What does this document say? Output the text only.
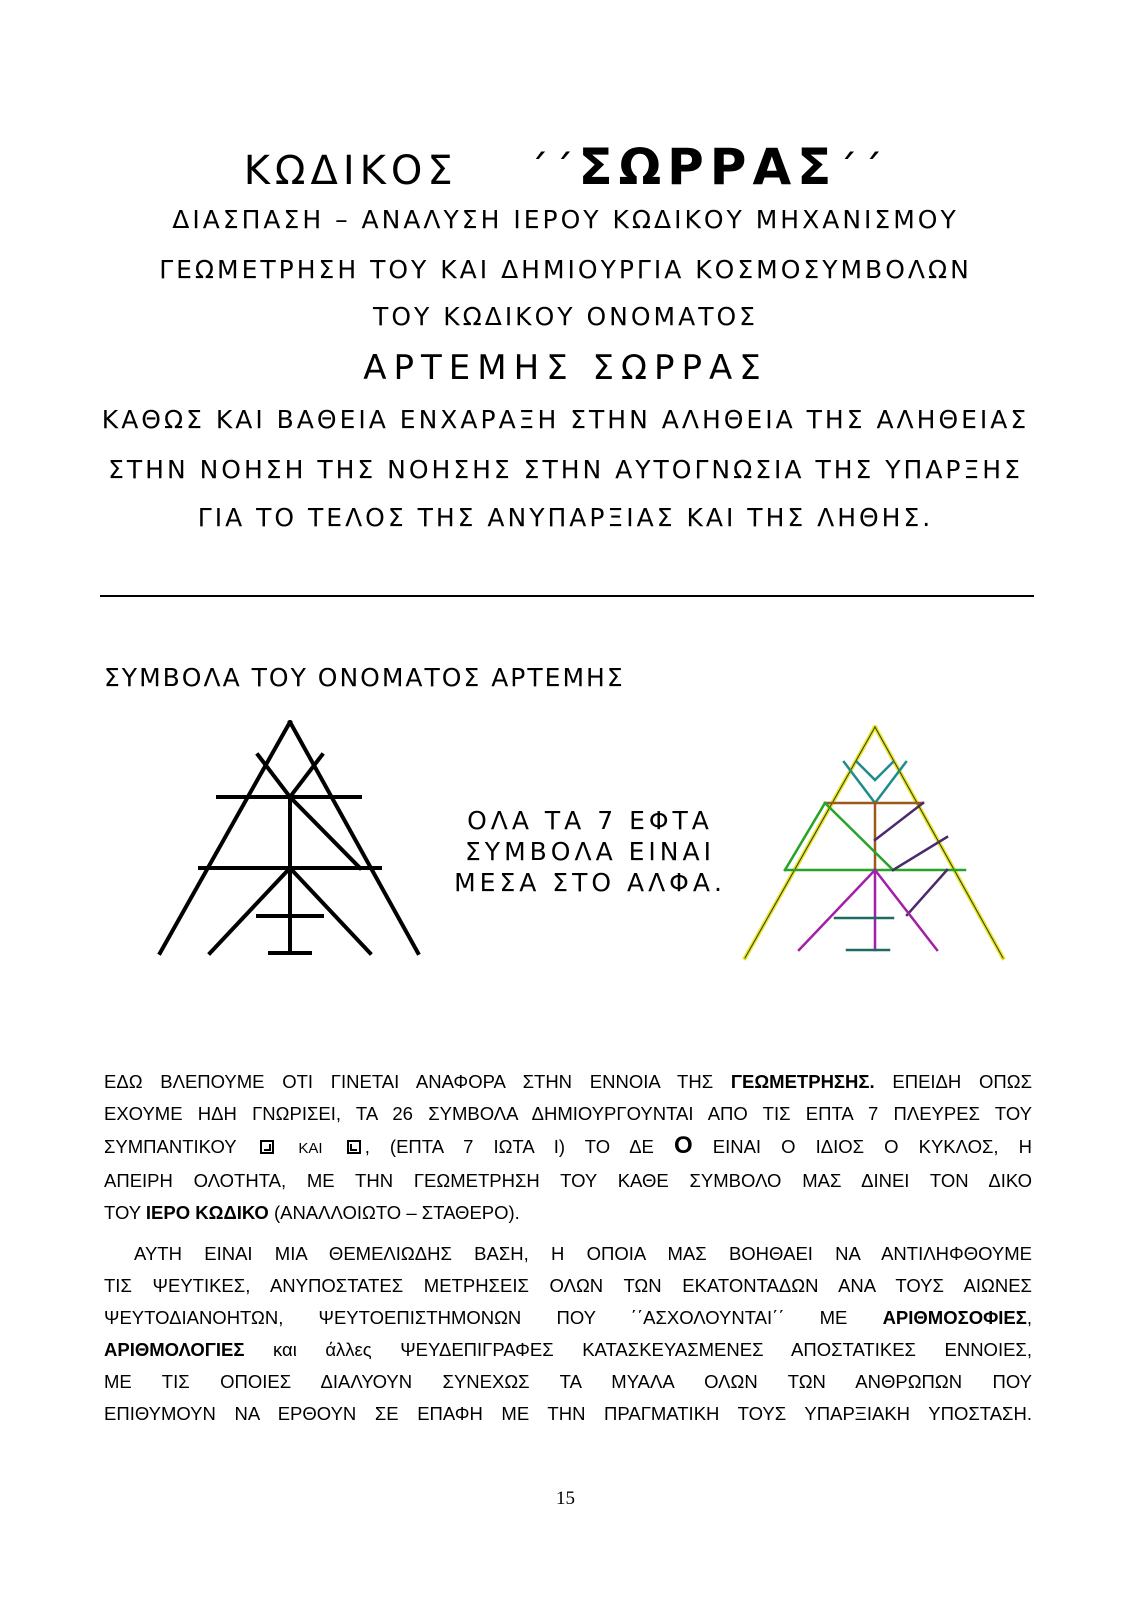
ΚΩΔΙΚΟΣ ΄΄ΣΩΡΡΑΣ΄΄
ΔΙΑΣΠΑΣΗ – ΑΝΑΛΥΣΗ ΙΕΡΟΥ ΚΩΔΙΚΟΥ ΜΗΧΑΝΙΣΜΟΥ
ΓΕΩΜΕΤΡΗΣΗ ΤΟΥ ΚΑΙ ΔΗΜΙΟΥΡΓΙΑ ΚΟΣΜΟΣΥΜΒΟΛΩΝ
ΤΟΥ ΚΩΔΙΚΟΥ ΟΝΟΜΑΤΟΣ
ΑΡΤΕΜΗΣ ΣΩΡΡΑΣ
ΚΑΘΩΣ ΚΑΙ ΒΑΘΕΙΑ ΕΝΧΑΡΑΞΗ ΣΤΗΝ ΑΛΗΘΕΙΑ ΤΗΣ ΑΛΗΘΕΙΑΣ
ΣΤΗΝ ΝΟΗΣΗ ΤΗΣ ΝΟΗΣΗΣ ΣΤΗΝ ΑΥΤΟΓΝΩΣΙΑ ΤΗΣ ΥΠΑΡΞΗΣ
ΓΙΑ ΤΟ ΤΕΛΟΣ ΤΗΣ ΑΝΥΠΑΡΞΙΑΣ ΚΑΙ ΤΗΣ ΛΗΘΗΣ.
ΣΥΜΒΟΛΑ ΤΟΥ ΟΝΟΜΑΤΟΣ ΑΡΤΕΜΗΣ
ΟΛΑ ΤΑ 7 ΕΦΤΑ
ΣΥΜΒΟΛΑ ΕΙΝΑΙ
ΜΕΣΑ ΣΤΟ ΑΛΦΑ.
ΕΔΩ ΒΛΕΠΟΥΜΕ ΟΤΙ ΓΙΝΕΤΑΙ ΑΝΑΦΟΡΑ ΣΤΗΝ ΕΝΝΟΙΑ ΤΗΣ ΓΕΩΜΕΤΡΗΣΗΣ. ΕΠΕΙΔΗ ΟΠΩΣ
ΕΧΟΥΜΕ ΗΔΗ ΓΝΩΡΙΣΕΙ, ΤΑ 26 ΣΥΜΒΟΛΑ ΔΗΜΙΟΥΡΓΟΥΝΤΑΙ ΑΠΟ ΤΙΣ ΕΠΤΑ 7 ΠΛΕΥΡΕΣ ΤΟΥ
ΣΥΜΠΑΝΤΙΚΟΥ	ΚΑΙ , (ΕΠΤΑ 7 ΙΩΤΑ Ι) ΤΟ ΔΕ Ο ΕΙΝΑΙ Ο ΙΔΙΟΣ Ο ΚΥΚΛΟΣ, Η
ΑΠΕΙΡΗ ΟΛΟΤΗΤΑ, ΜΕ ΤΗΝ ΓΕΩΜΕΤΡΗΣΗ ΤΟΥ ΚΑΘΕ ΣΥΜΒΟΛΟ ΜΑΣ ΔΙΝΕΙ ΤΟΝ ΔΙΚΟ
ΤΟΥ ΙΕΡΟ ΚΩΔΙΚΟ (ΑΝΑΛΛΟΙΩΤΟ – ΣΤΑΘΕΡΟ).
ΑΥΤΗ ΕΙΝΑΙ ΜΙΑ ΘΕΜΕΛΙΩΔΗΣ ΒΑΣΗ, Η ΟΠΟΙΑ ΜΑΣ ΒΟΗΘΑΕΙ ΝΑ ΑΝΤΙΛΗΦΘΟΥΜΕ
ΤΙΣ ΨΕΥΤΙΚΕΣ, ΑΝΥΠΟΣΤΑΤΕΣ ΜΕΤΡΗΣΕΙΣ ΟΛΩΝ ΤΩΝ ΕΚΑΤΟΝΤΑΔΩΝ ΑΝΑ ΤΟΥΣ ΑΙΩΝΕΣ
ΨΕΥΤΟΔΙΑΝΟΗΤΩΝ, ΨΕΥΤΟΕΠΙΣΤΗΜΟΝΩΝ ΠΟΥ ΄΄ΑΣΧΟΛΟΥΝΤΑΙ΄΄ ΜΕ ΑΡΙΘΜΟΣΟΦΙΕΣ,
ΑΡΙΘΜΟΛΟΓΙΕΣ και άλλες ΨΕΥΔΕΠΙΓΡΑΦΕΣ ΚΑΤΑΣΚΕΥΑΣΜΕΝΕΣ ΑΠΟΣΤΑΤΙΚΕΣ ΕΝΝΟΙΕΣ,
ΜΕ ΤΙΣ ΟΠΟΙΕΣ ΔΙΑΛΥΟΥΝ ΣΥΝΕΧΩΣ ΤΑ ΜΥΑΛΑ ΟΛΩΝ ΤΩΝ ΑΝΘΡΩΠΩΝ ΠΟΥ
ΕΠΙΘΥΜΟΥΝ ΝΑ ΕΡΘΟΥΝ ΣΕ ΕΠΑΦΗ ΜΕ ΤΗΝ ΠΡΑΓΜΑΤΙΚΗ ΤΟΥΣ ΥΠΑΡΞΙΑΚΗ ΥΠΟΣΤΑΣΗ.
15
